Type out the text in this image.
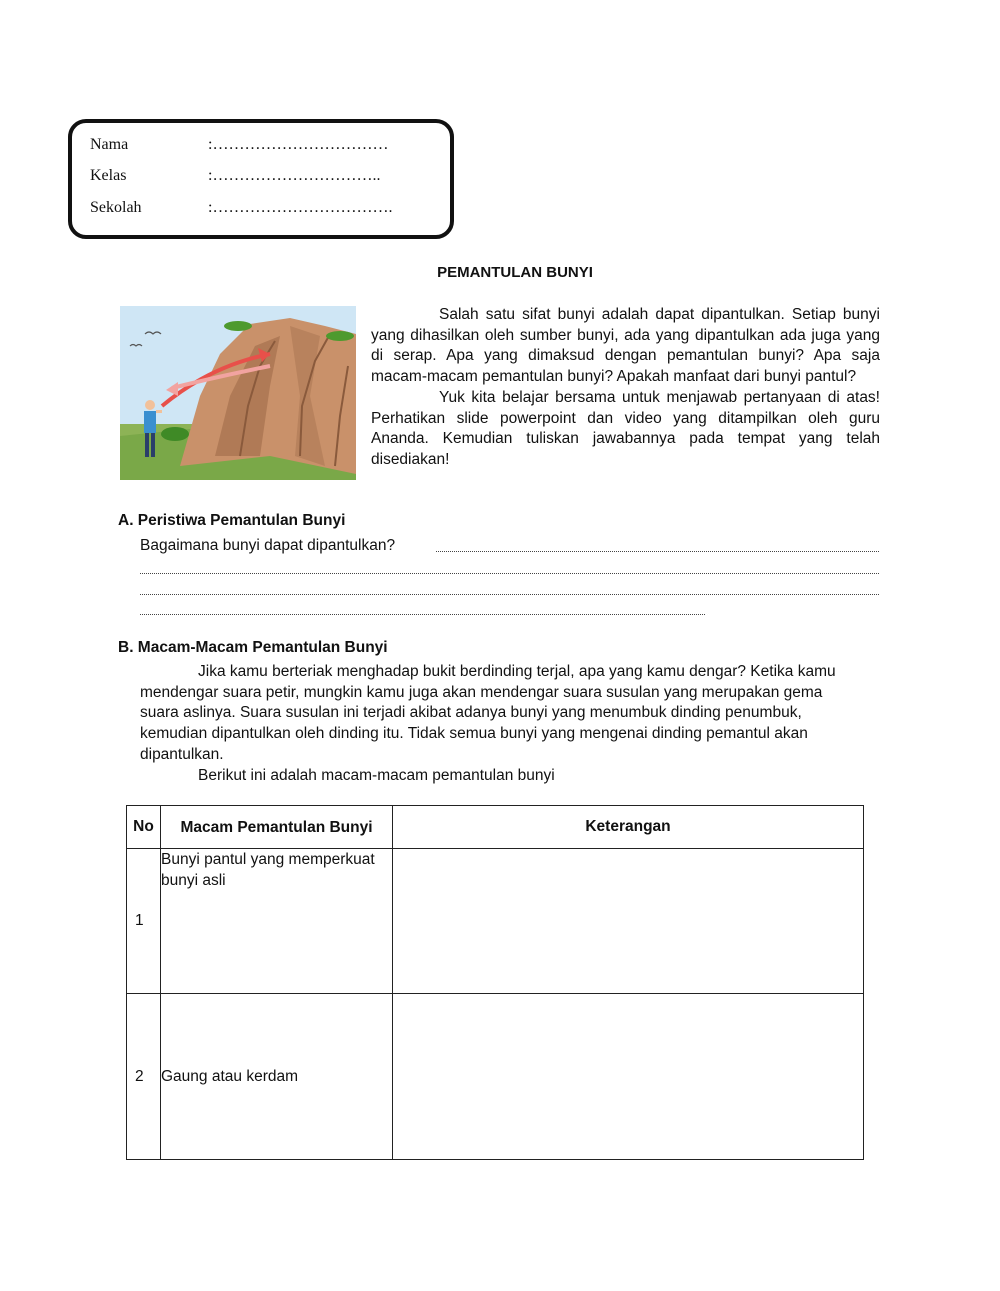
Nama	:……………………………
Kelas	:…………………………..
Sekolah	:…………………………….
PEMANTULAN BUNYI

Salah satu sifat bunyi adalah dapat dipantulkan. Setiap bunyi yang dihasilkan oleh sumber bunyi, ada yang dipantulkan ada juga yang di serap. Apa yang dimaksud dengan pemantulan bunyi? Apa saja macam-macam pemantulan bunyi? Apakah manfaat dari bunyi pantul?

Yuk kita belajar bersama untuk menjawab pertanyaan di atas! Perhatikan slide powerpoint dan video yang ditampilkan oleh guru Ananda. Kemudian tuliskan jawabannya pada tempat yang telah disediakan!

A. Peristiwa Pemantulan Bunyi
Bagaimana bunyi dapat dipantulkan?
B. Macam-Macam Pemantulan Bunyi
Jika kamu berteriak menghadap bukit berdinding terjal, apa yang kamu dengar? Ketika kamu mendengar suara petir, mungkin kamu juga akan mendengar suara susulan yang merupakan gema suara aslinya. Suara susulan ini terjadi akibat adanya bunyi yang menumbuk dinding penumbuk, kemudian dipantulkan oleh dinding itu. Tidak semua bunyi yang mengenai dinding pemantul akan dipantulkan.
Berikut ini adalah macam-macam pemantulan bunyi
No	Macam Pemantulan Bunyi	Keterangan
1	Bunyi pantul yang memperkuat bunyi asli	
2	Gaung atau kerdam	
